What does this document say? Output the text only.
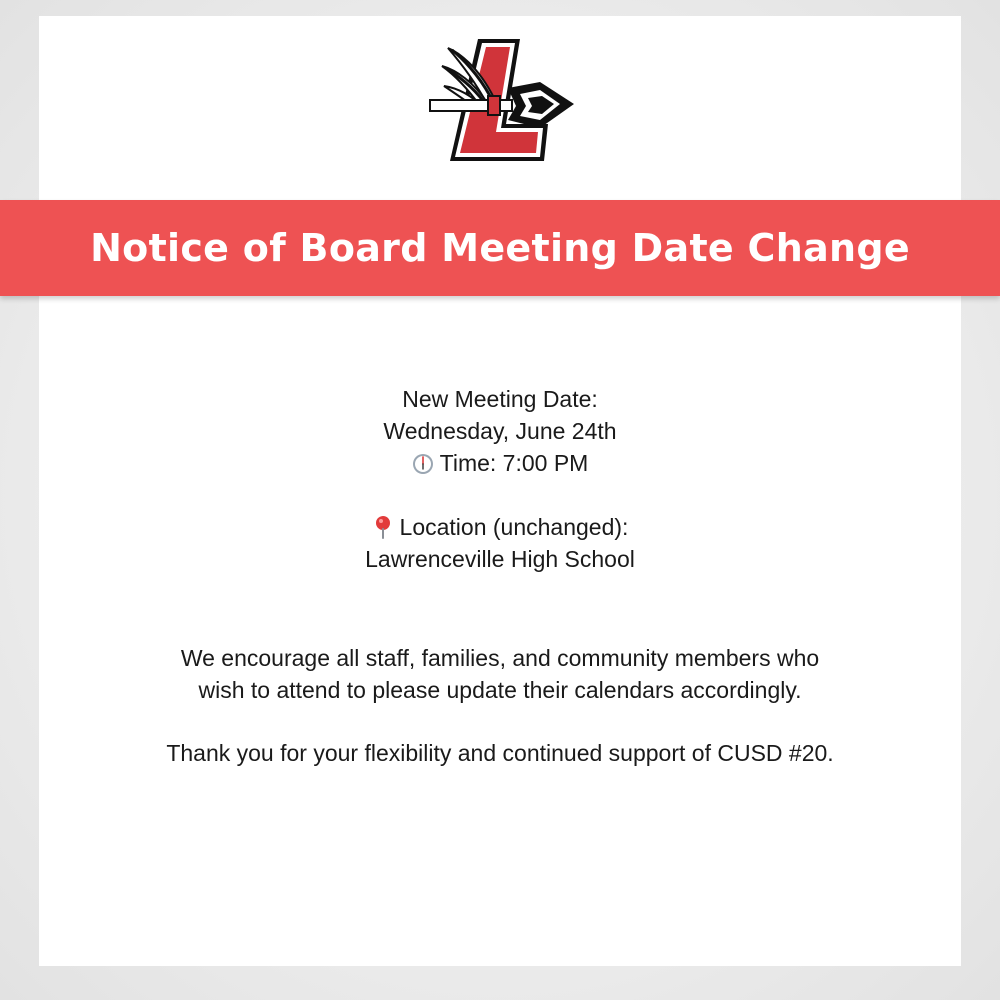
Notice of Board Meeting Date Change
New Meeting Date:
Wednesday, June 24th
Time: 7:00 PM
Location (unchanged):
Lawrenceville High School
We encourage all staff, families, and community members who
wish to attend to please update their calendars accordingly.
Thank you for your flexibility and continued support of CUSD #20.
